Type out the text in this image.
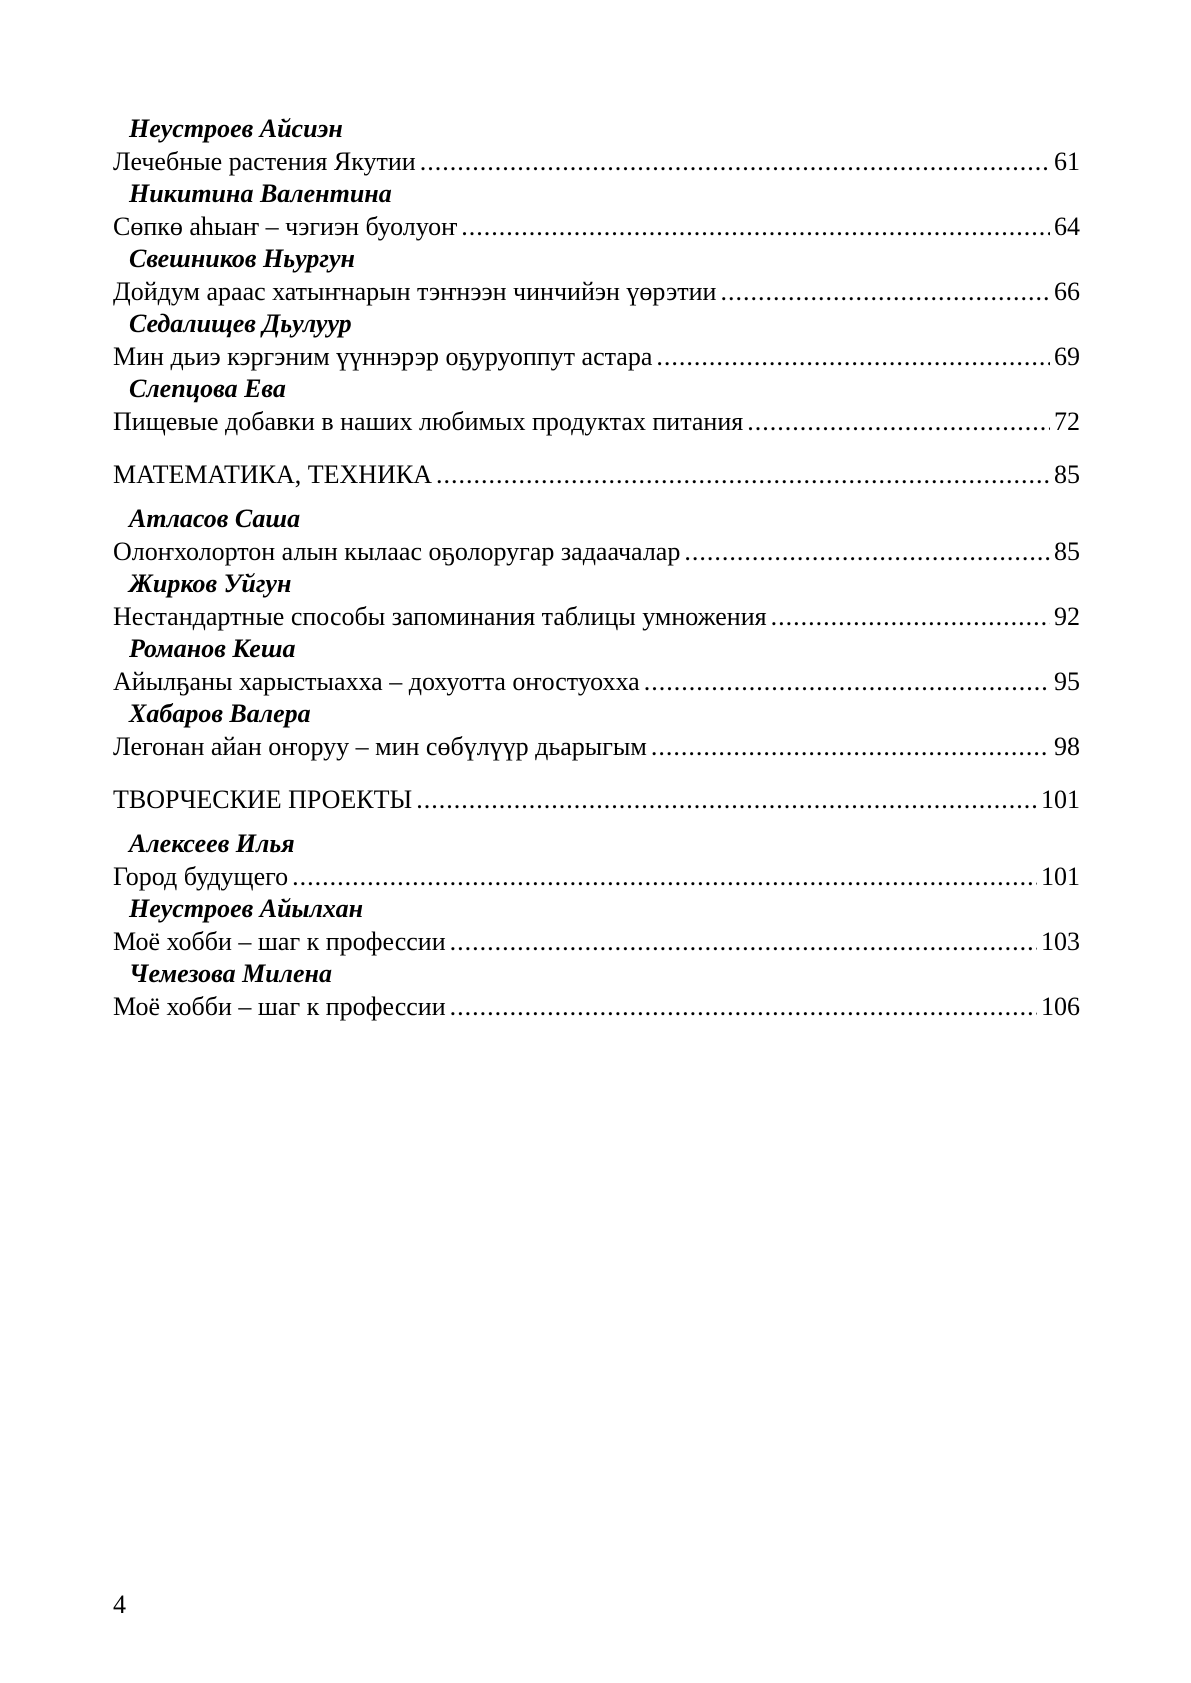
Неустроев Айсиэн
Лечебные растения Якутии .....	61
Никитина Валентина
Сөпкө аһыаҥ – чэгиэн буолуоҥ .....	64
Свешников Ньургун
Дойдум араас хатыҥнарын тэҥнээн чинчийэн үөрэтии .....	66
Седалищев Дьулуур
Мин дьиэ кэргэним үүннэрэр оҕуруоппут астара .....	69
Слепцова Ева
Пищевые добавки в наших любимых продуктах питания .....	72
МАТЕМАТИКА, ТЕХНИКА .....	85
Атласов Саша
Олоҥхолортон алын кылаас оҕолоругар задаачалар .....	85
Жирков Уйгун
Нестандартные способы запоминания таблицы умножения .....	92
Романов Кеша
Айылҕаны харыстыахха – дохуотта оҥостуохха .....	95
Хабаров Валера
Легонан айан оҥоруу – мин сөбүлүүр дьарыгым .....	98
ТВОРЧЕСКИЕ ПРОЕКТЫ .....	101
Алексеев Илья
Город будущего .....	101
Неустроев Айылхан
Моё хобби – шаг к профессии .....	103
Чемезова Милена
Моё хобби – шаг к профессии .....	106
4
